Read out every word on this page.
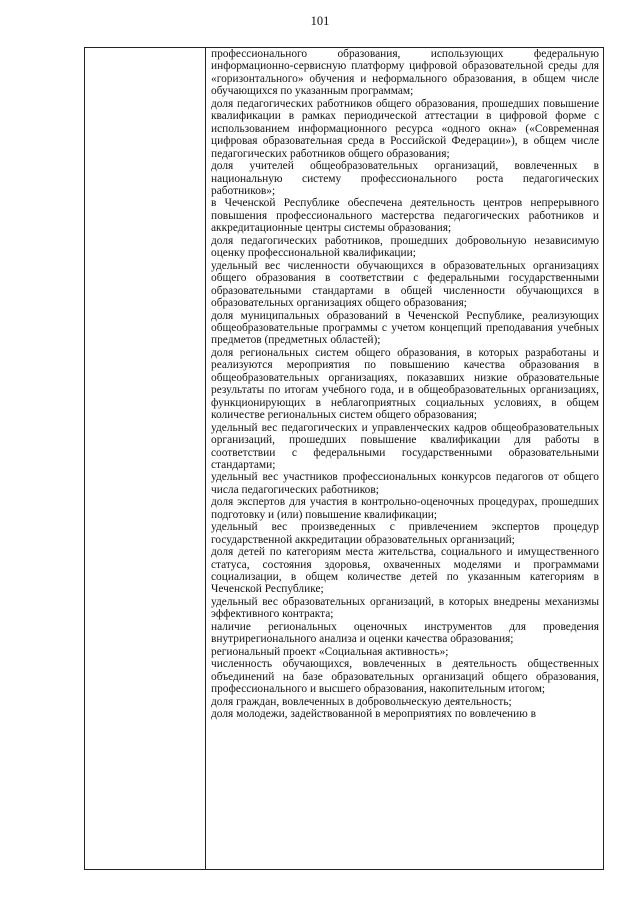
101

профессионального образования, использующих федеральную информационно-сервисную платформу цифровой образовательной среды для «горизонтального» обучения и неформального образования, в общем числе обучающихся по указанным программам;

доля педагогических работников общего образования, прошедших повышение квалификации в рамках периодической аттестации в цифровой форме с использованием информационного ресурса «одного окна» («Современная цифровая образовательная среда в Российской Федерации»), в общем числе педагогических работников общего образования;

доля учителей общеобразовательных организаций, вовлеченных в национальную систему профессионального роста педагогических работников»;

в Чеченской Республике обеспечена деятельность центров непрерывного повышения профессионального мастерства педагогических работников и аккредитационные центры системы образования;

доля педагогических работников, прошедших добровольную независимую оценку профессиональной квалификации;

удельный вес численности обучающихся в образовательных организациях общего образования в соответствии с федеральными государственными образовательными стандартами в общей численности обучающихся в образовательных организациях общего образования;

доля муниципальных образований в Чеченской Республике, реализующих общеобразовательные программы с учетом концепций преподавания учебных предметов (предметных областей);

доля региональных систем общего образования, в которых разработаны и реализуются мероприятия по повышению качества образования в общеобразовательных организациях, показавших низкие образовательные результаты по итогам учебного года, и в общеобразовательных организациях, функционирующих в неблагоприятных социальных условиях, в общем количестве региональных систем общего образования;

удельный вес педагогических и управленческих кадров общеобразовательных организаций, прошедших повышение квалификации для работы в соответствии с федеральными государственными образовательными стандартами;

удельный вес участников профессиональных конкурсов педагогов от общего числа педагогических работников;

доля экспертов для участия в контрольно-оценочных процедурах, прошедших подготовку и (или) повышение квалификации;

удельный вес произведенных с привлечением экспертов процедур государственной аккредитации образовательных организаций;

доля детей по категориям места жительства, социального и имущественного статуса, состояния здоровья, охваченных моделями и программами социализации, в общем количестве детей по указанным категориям в Чеченской Республике;

удельный вес образовательных организаций, в которых внедрены механизмы эффективного контракта;

наличие региональных оценочных инструментов для проведения внутрирегионального анализа и оценки качества образования;

региональный проект «Социальная активность»;

численность обучающихся, вовлеченных в деятельность общественных объединений на базе образовательных организаций общего образования, профессионального и высшего образования, накопительным итогом;

доля граждан, вовлеченных в добровольческую деятельность;

доля молодежи, задействованной в мероприятиях по вовлечению в
